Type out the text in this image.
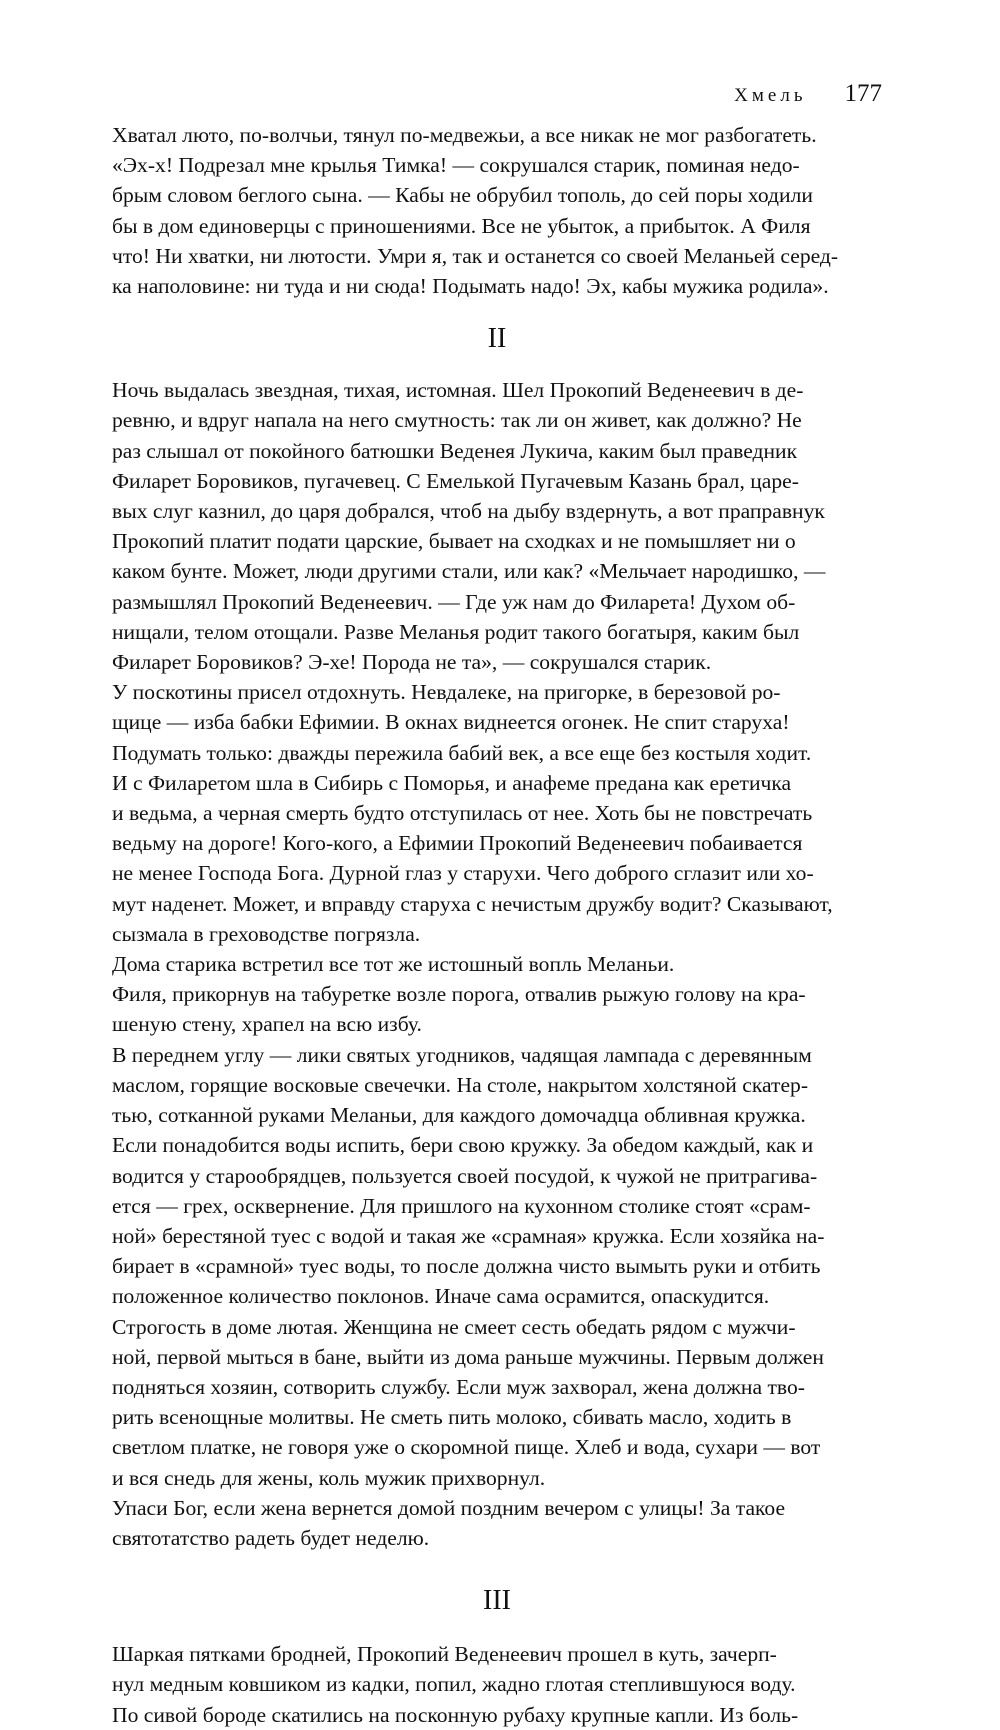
Хмель 177
Хватал люто, по-волчьи, тянул по-медвежьи, а все никак не мог разбогатеть.
«Эх-х! Подрезал мне крылья Тимка! — сокрушался старик, поминая недо-
брым словом беглого сына. — Кабы не обрубил тополь, до сей поры ходили
бы в дом единоверцы с приношениями. Все не убыток, а прибыток. А Филя
что! Ни хватки, ни лютости. Умри я, так и останется со своей Меланьей серед-
ка наполовине: ни туда и ни сюда! Подымать надо! Эх, кабы мужика родила».
II
Ночь выдалась звездная, тихая, истомная. Шел Прокопий Веденеевич в де-
ревню, и вдруг напала на него смутность: так ли он живет, как должно? Не
раз слышал от покойного батюшки Веденея Лукича, каким был праведник
Филарет Боровиков, пугачевец. С Емелькой Пугачевым Казань брал, царе-
вых слуг казнил, до царя добрался, чтоб на дыбу вздернуть, а вот праправнук
Прокопий платит подати царские, бывает на сходках и не помышляет ни о
каком бунте. Может, люди другими стали, или как? «Мельчает народишко, —
размышлял Прокопий Веденеевич. — Где уж нам до Филарета! Духом об-
нищали, телом отощали. Разве Меланья родит такого богатыря, каким был
Филарет Боровиков? Э-хе! Порода не та», — сокрушался старик.
У поскотины присел отдохнуть. Невдалеке, на пригорке, в березовой ро-
щице — изба бабки Ефимии. В окнах виднеется огонек. Не спит старуха!
Подумать только: дважды пережила бабий век, а все еще без костыля ходит.
И с Филаретом шла в Сибирь с Поморья, и анафеме предана как еретичка
и ведьма, а черная смерть будто отступилась от нее. Хоть бы не повстречать
ведьму на дороге! Кого-кого, а Ефимии Прокопий Веденеевич побаивается
не менее Господа Бога. Дурной глаз у старухи. Чего доброго сглазит или хо-
мут наденет. Может, и вправду старуха с нечистым дружбу водит? Сказывают,
сызмала в греховодстве погрязла.
Дома старика встретил все тот же истошный вопль Меланьи.
Филя, прикорнув на табуретке возле порога, отвалив рыжую голову на кра-
шеную стену, храпел на всю избу.
В переднем углу — лики святых угодников, чадящая лампада с деревянным
маслом, горящие восковые свечечки. На столе, накрытом холстяной скатер-
тью, сотканной руками Меланьи, для каждого домочадца обливная кружка.
Если понадобится воды испить, бери свою кружку. За обедом каждый, как и
водится у старообрядцев, пользуется своей посудой, к чужой не притрагива-
ется — грех, осквернение. Для пришлого на кухонном столике стоят «срам-
ной» берестяной туес с водой и такая же «срамная» кружка. Если хозяйка на-
бирает в «срамной» туес воды, то после должна чисто вымыть руки и отбить
положенное количество поклонов. Иначе сама осрамится, опаскудится.
Строгость в доме лютая. Женщина не смеет сесть обедать рядом с мужчи-
ной, первой мыться в бане, выйти из дома раньше мужчины. Первым должен
подняться хозяин, сотворить службу. Если муж захворал, жена должна тво-
рить всенощные молитвы. Не сметь пить молоко, сбивать масло, ходить в
светлом платке, не говоря уже о скоромной пище. Хлеб и вода, сухари — вот
и вся снедь для жены, коль мужик прихворнул.
Упаси Бог, если жена вернется домой поздним вечером с улицы! За такое
святотатство радеть будет неделю.
III
Шаркая пятками бродней, Прокопий Веденеевич прошел в куть, зачерп-
нул медным ковшиком из кадки, попил, жадно глотая степлившуюся воду.
По сивой бороде скатились на посконную рубаху крупные капли. Из боль-
